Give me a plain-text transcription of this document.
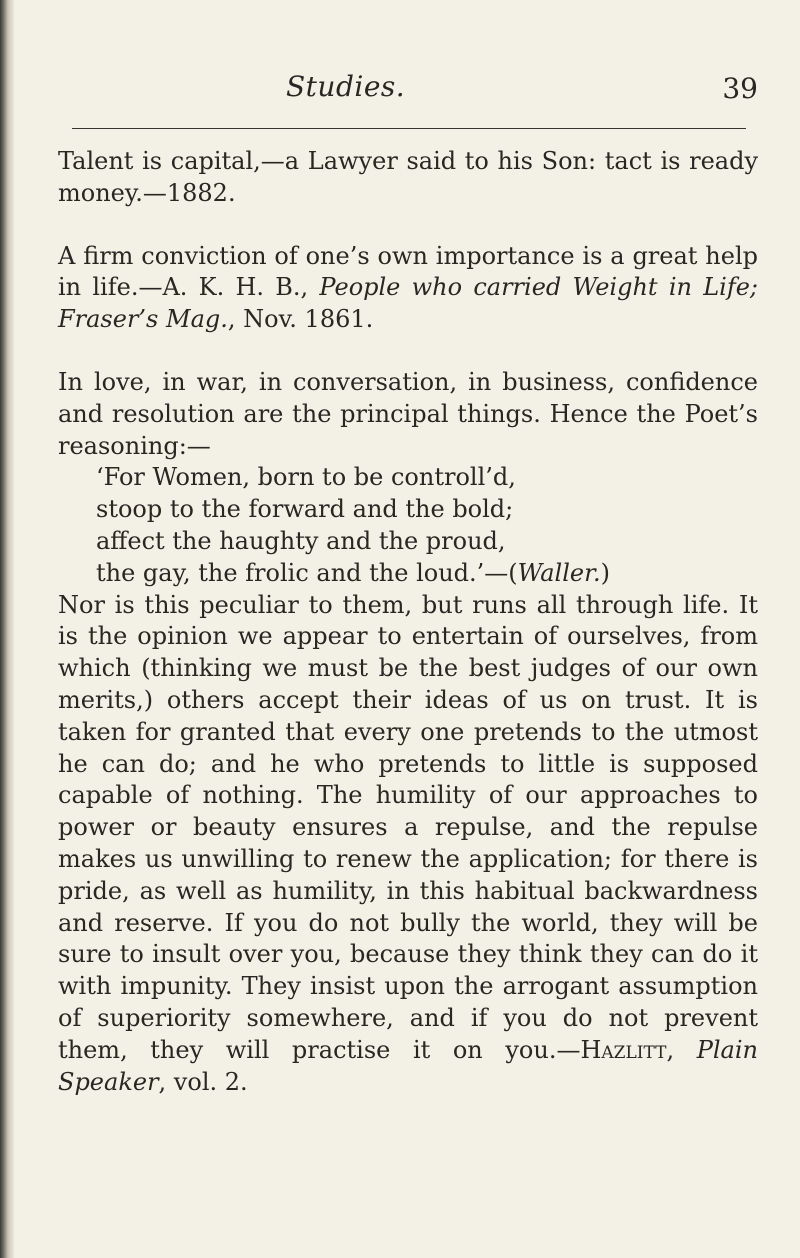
Studies.	39

Talent is capital,—a Lawyer said to his Son: tact is ready money.—1882.

A firm conviction of one’s own importance is a great help in life.—A. K. H. B., People who carried Weight in Life; Fraser’s Mag., Nov. 1861.

In love, in war, in conversation, in business, confidence and resolution are the principal things. Hence the Poet’s reasoning:—

‘For Women, born to be controll’d,
stoop to the forward and the bold;
affect the haughty and the proud,
the gay, the frolic and the loud.’—(Waller.)

Nor is this peculiar to them, but runs all through life. It is the opinion we appear to entertain of ourselves, from which (thinking we must be the best judges of our own merits,) others accept their ideas of us on trust. It is taken for granted that every one pretends to the utmost he can do; and he who pretends to little is supposed capable of nothing. The humility of our approaches to power or beauty ensures a repulse, and the repulse makes us unwilling to renew the application; for there is pride, as well as humility, in this habitual backwardness and reserve. If you do not bully the world, they will be sure to insult over you, because they think they can do it with impunity. They insist upon the arrogant assumption of superiority somewhere, and if you do not prevent them, they will practise it on you.—Hazlitt, Plain Speaker, vol. 2.
